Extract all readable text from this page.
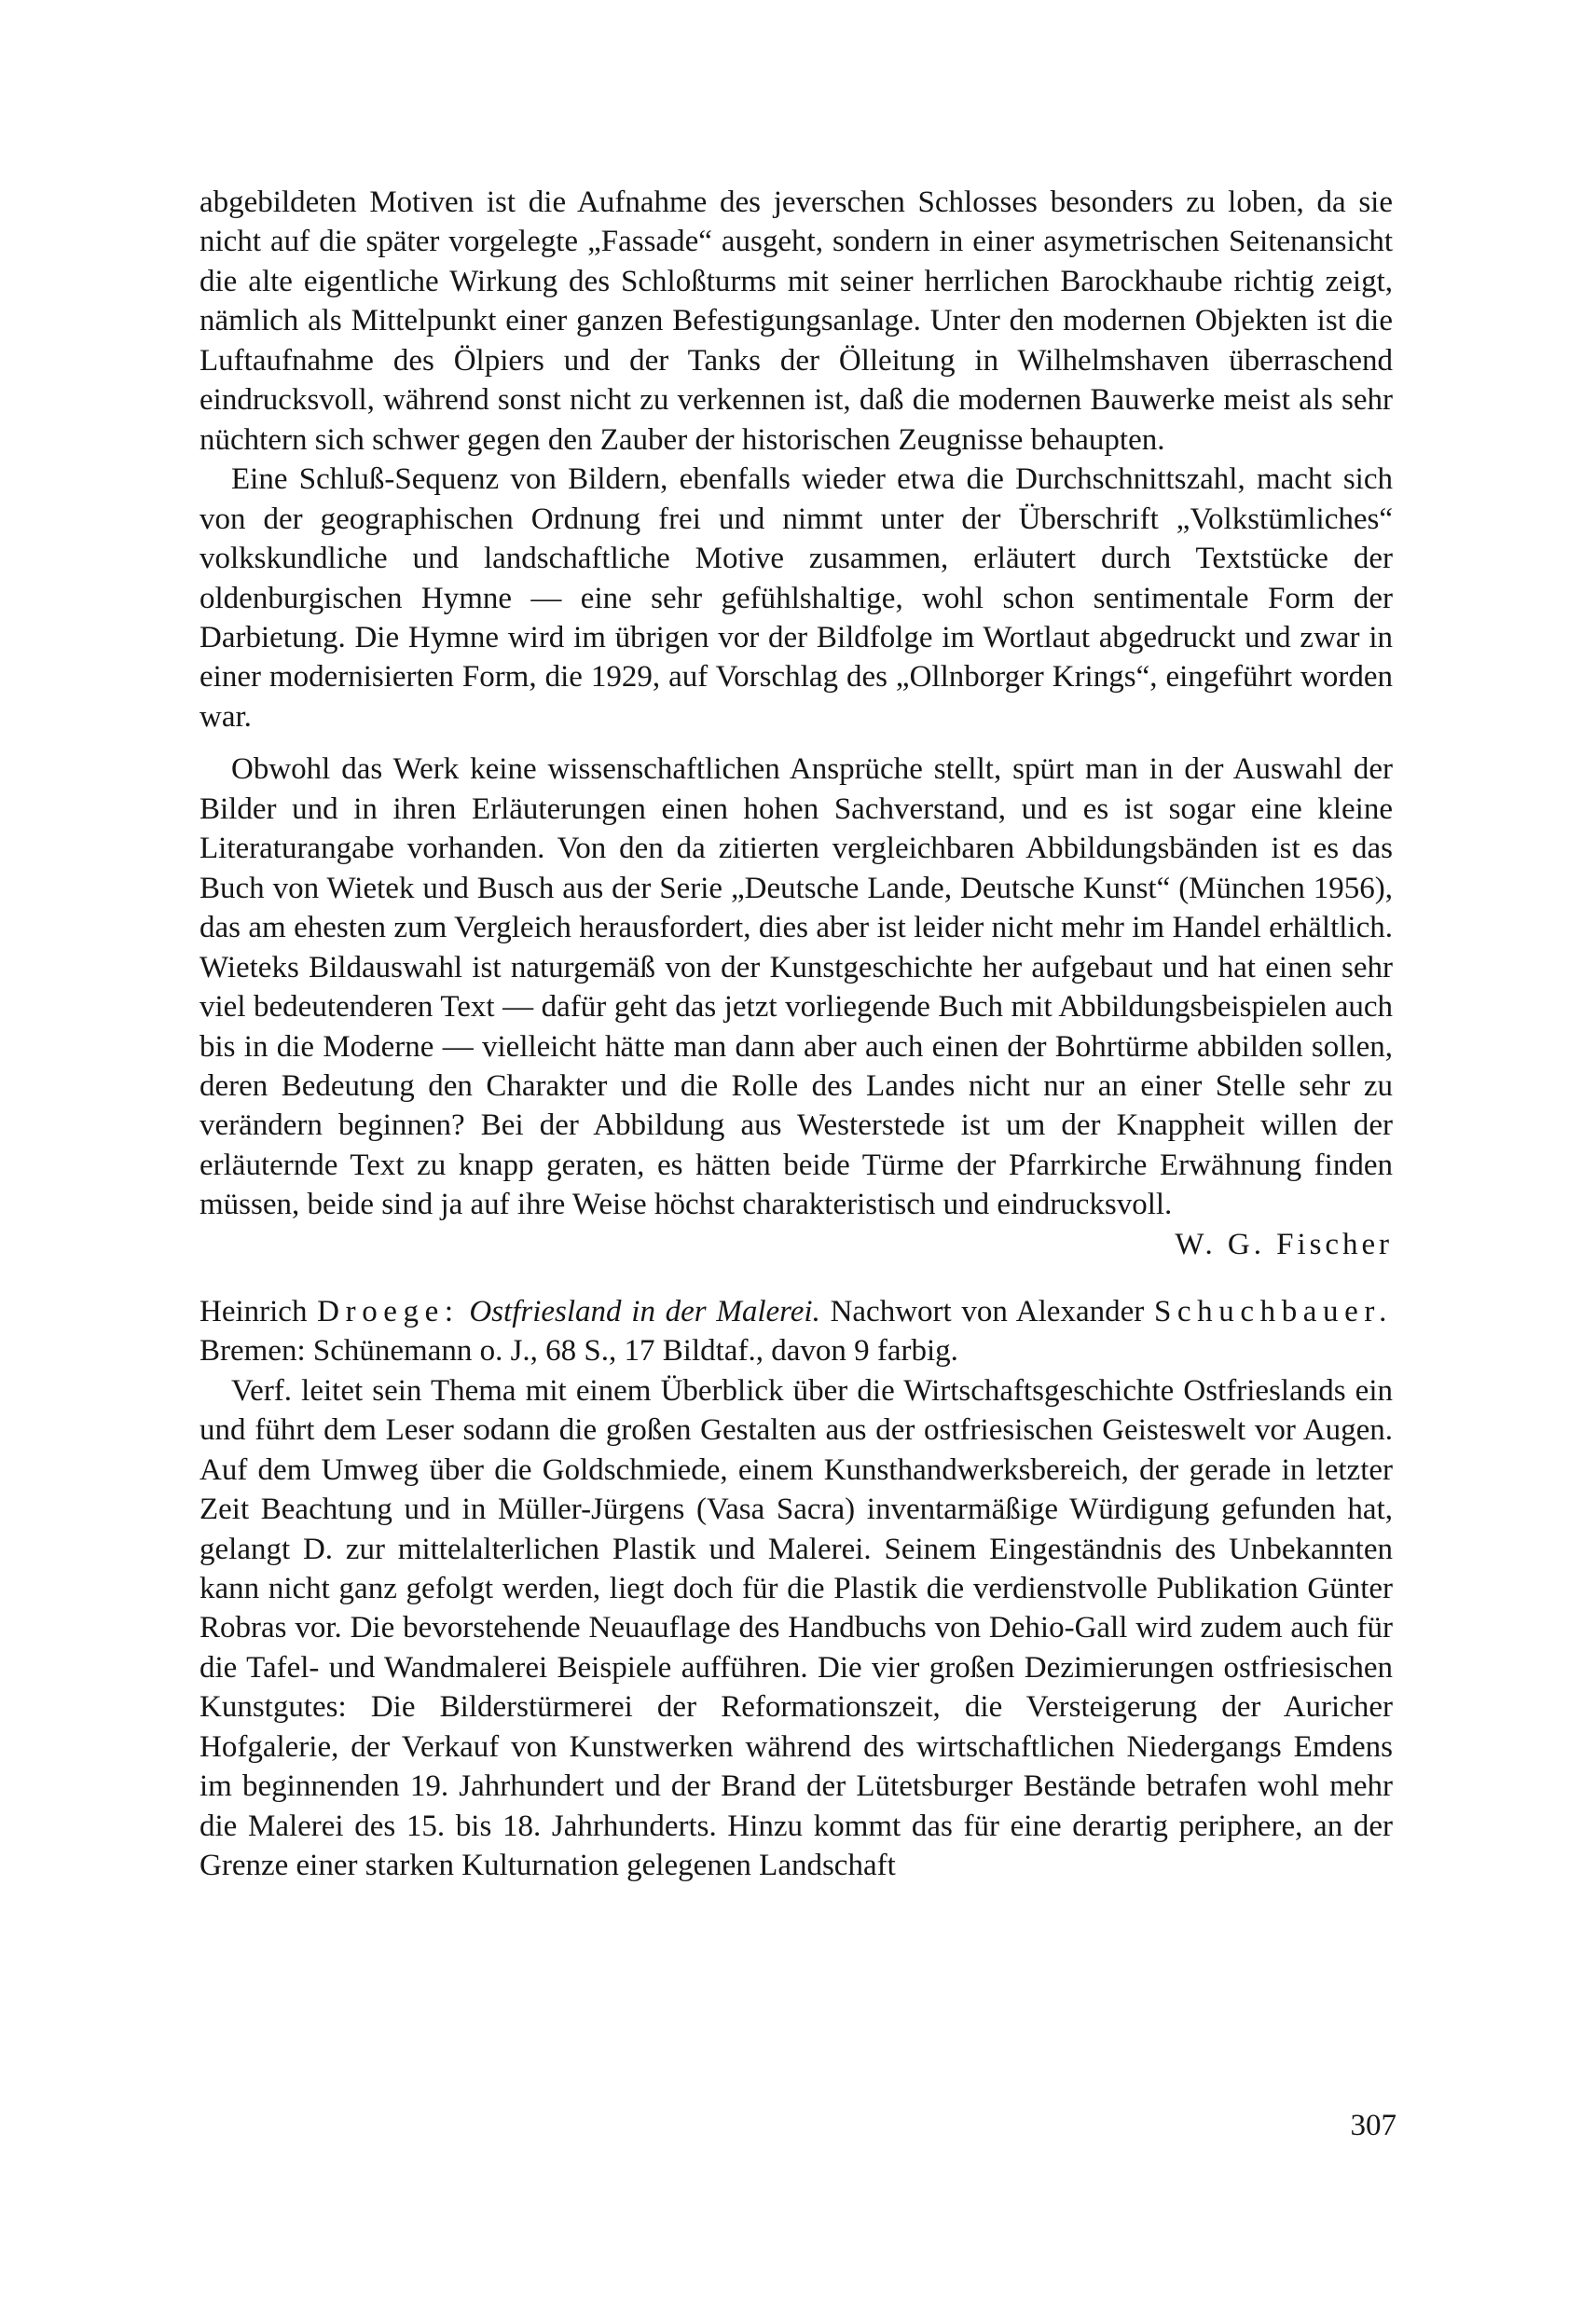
abgebildeten Motiven ist die Aufnahme des jeverschen Schlosses besonders zu loben, da sie nicht auf die später vorgelegte „Fassade“ ausgeht, sondern in einer asymetrischen Seitenansicht die alte eigentliche Wirkung des Schloßturms mit seiner herrlichen Barockhaube richtig zeigt, nämlich als Mittelpunkt einer ganzen Befestigungsanlage. Unter den modernen Objekten ist die Luftaufnahme des Ölpiers und der Tanks der Ölleitung in Wilhelmshaven überraschend eindrucksvoll, während sonst nicht zu verkennen ist, daß die modernen Bauwerke meist als sehr nüchtern sich schwer gegen den Zauber der historischen Zeugnisse behaupten.

Eine Schluß-Sequenz von Bildern, ebenfalls wieder etwa die Durchschnittszahl, macht sich von der geographischen Ordnung frei und nimmt unter der Überschrift „Volkstümliches“ volkskundliche und landschaftliche Motive zusammen, erläutert durch Textstücke der oldenburgischen Hymne — eine sehr gefühlshaltige, wohl schon sentimentale Form der Darbietung. Die Hymne wird im übrigen vor der Bildfolge im Wortlaut abgedruckt und zwar in einer modernisierten Form, die 1929, auf Vorschlag des „Ollnborger Krings“, eingeführt worden war.

Obwohl das Werk keine wissenschaftlichen Ansprüche stellt, spürt man in der Auswahl der Bilder und in ihren Erläuterungen einen hohen Sachverstand, und es ist sogar eine kleine Literaturangabe vorhanden. Von den da zitierten vergleichbaren Abbildungsbänden ist es das Buch von Wietek und Busch aus der Serie „Deutsche Lande, Deutsche Kunst“ (München 1956), das am ehesten zum Vergleich herausfordert, dies aber ist leider nicht mehr im Handel erhältlich. Wieteks Bildauswahl ist naturgemäß von der Kunstgeschichte her aufgebaut und hat einen sehr viel bedeutenderen Text — dafür geht das jetzt vorliegende Buch mit Abbildungsbeispielen auch bis in die Moderne — vielleicht hätte man dann aber auch einen der Bohrtürme abbilden sollen, deren Bedeutung den Charakter und die Rolle des Landes nicht nur an einer Stelle sehr zu verändern beginnen? Bei der Abbildung aus Westerstede ist um der Knappheit willen der erläuternde Text zu knapp geraten, es hätten beide Türme der Pfarrkirche Erwähnung finden müssen, beide sind ja auf ihre Weise höchst charakteristisch und eindrucksvoll.
W. G. Fischer

Heinrich Droege: Ostfriesland in der Malerei. Nachwort von Alexander Schuchbauer. Bremen: Schünemann o. J., 68 S., 17 Bildtaf., davon 9 farbig.

Verf. leitet sein Thema mit einem Überblick über die Wirtschaftsgeschichte Ostfrieslands ein und führt dem Leser sodann die großen Gestalten aus der ostfriesischen Geisteswelt vor Augen. Auf dem Umweg über die Goldschmiede, einem Kunsthandwerksbereich, der gerade in letzter Zeit Beachtung und in Müller-Jürgens (Vasa Sacra) inventarmäßige Würdigung gefunden hat, gelangt D. zur mittelalterlichen Plastik und Malerei. Seinem Eingeständnis des Unbekannten kann nicht ganz gefolgt werden, liegt doch für die Plastik die verdienstvolle Publikation Günter Robras vor. Die bevorstehende Neuauflage des Handbuchs von Dehio-Gall wird zudem auch für die Tafel- und Wandmalerei Beispiele aufführen. Die vier großen Dezimierungen ostfriesischen Kunstgutes: Die Bilderstürmerei der Reformationszeit, die Versteigerung der Auricher Hofgalerie, der Verkauf von Kunstwerken während des wirtschaftlichen Niedergangs Emdens im beginnenden 19. Jahrhundert und der Brand der Lütetsburger Bestände betrafen wohl mehr die Malerei des 15. bis 18. Jahrhunderts. Hinzu kommt das für eine derartig periphere, an der Grenze einer starken Kulturnation gelegenen Landschaft

307
